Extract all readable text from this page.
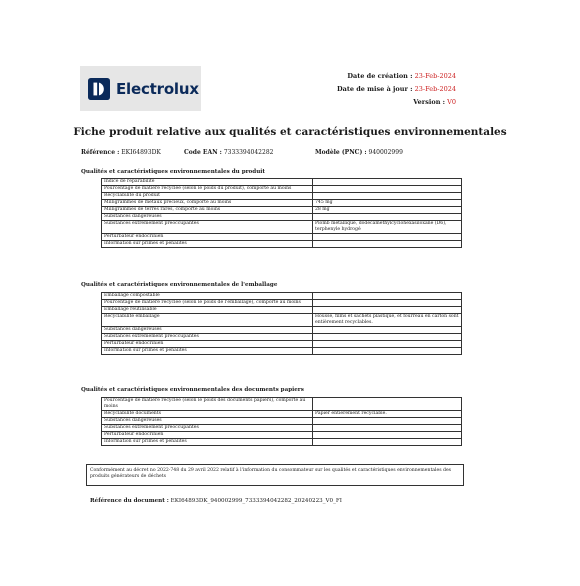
Electrolux
Date de création : 23-Feb-2024
Date de mise à jour : 23-Feb-2024
Version : V0
Fiche produit relative aux qualités et caractéristiques environnementales
Référence : EKI64893DK	Code EAN : 7333394042282	Modèle (PNC) : 940002999
Qualités et caractéristiques environnementales du produit
Indice de réparabilité	
Pourcentage de matière recyclée (selon le poids du produit), comporte au moins	
Recyclabilité du produit	
Milligrammes de métaux précieux, comporte au moins	745 mg
Milligrammes de terres rares, comporte au moins	28 mg
Substances dangereuses	
Substances extrêmement préoccupantes	Plomb métallique, dodecamethylcyclohexasiloxane (D6), terphenyle hydrogé
Perturbateur endocrinien	
Information sur primes et pénalités	
Qualités et caractéristiques environnementales de l'emballage
Emballage compostable	
Pourcentage de matière recyclée (selon le poids de l'emballage), comporte au moins	
Emballage réutilisable	
Recyclabilité emballage	Housse, films et sachets plastique, et fourreau en carton sont entièrement recyclables.
Substances dangereuses	
Substances extrêmement préoccupantes	
Perturbateur endocrinien	
Information sur primes et pénalités	
Qualités et caractéristiques environnementales des documents papiers
Pourcentage de matière recyclée (selon le poids des documents papiers), comporte au moins	
Recyclabilité documents	Papier entièrement recyclable.
Substances dangereuses	
Substances extrêmement préoccupantes	
Perturbateur endocrinien	
Information sur primes et pénalités	
Conformément au décret no 2022-748 du 29 avril 2022 relatif à l'information du consommateur sur les qualités et caractéristiques environnementales des produits générateurs de déchets
Référence du document : EKI64893DK_940002999_7333394042282_20240223_V0_FI
